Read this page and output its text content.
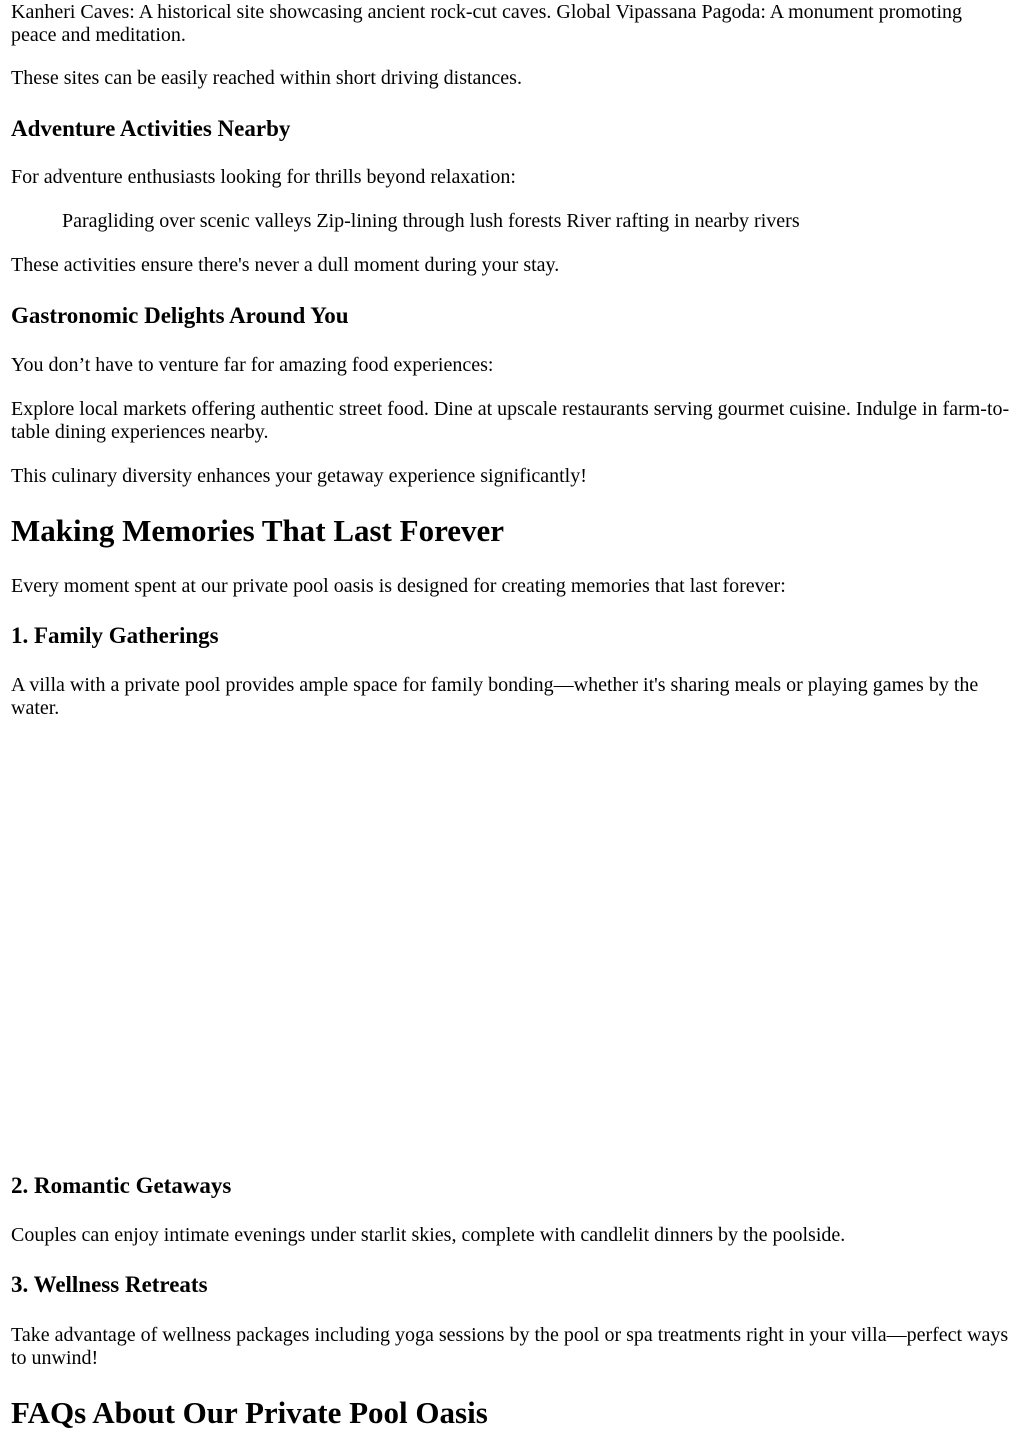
Kanheri Caves: A historical site showcasing ancient rock-cut caves. Global Vipassana Pagoda: A monument promoting peace and meditation.

These sites can be easily reached within short driving distances.

Adventure Activities Nearby

For adventure enthusiasts looking for thrills beyond relaxation:

Paragliding over scenic valleys Zip-lining through lush forests River rafting in nearby rivers

These activities ensure there's never a dull moment during your stay.

Gastronomic Delights Around You

You don’t have to venture far for amazing food experiences:

Explore local markets offering authentic street food. Dine at upscale restaurants serving gourmet cuisine. Indulge in farm-to-table dining experiences nearby.

This culinary diversity enhances your getaway experience significantly!

Making Memories That Last Forever

Every moment spent at our private pool oasis is designed for creating memories that last forever:

1. Family Gatherings

A villa with a private pool provides ample space for family bonding—whether it's sharing meals or playing games by the water.

2. Romantic Getaways

Couples can enjoy intimate evenings under starlit skies, complete with candlelit dinners by the poolside.

3. Wellness Retreats

Take advantage of wellness packages including yoga sessions by the pool or spa treatments right in your villa—perfect ways to unwind!

FAQs About Our Private Pool Oasis
